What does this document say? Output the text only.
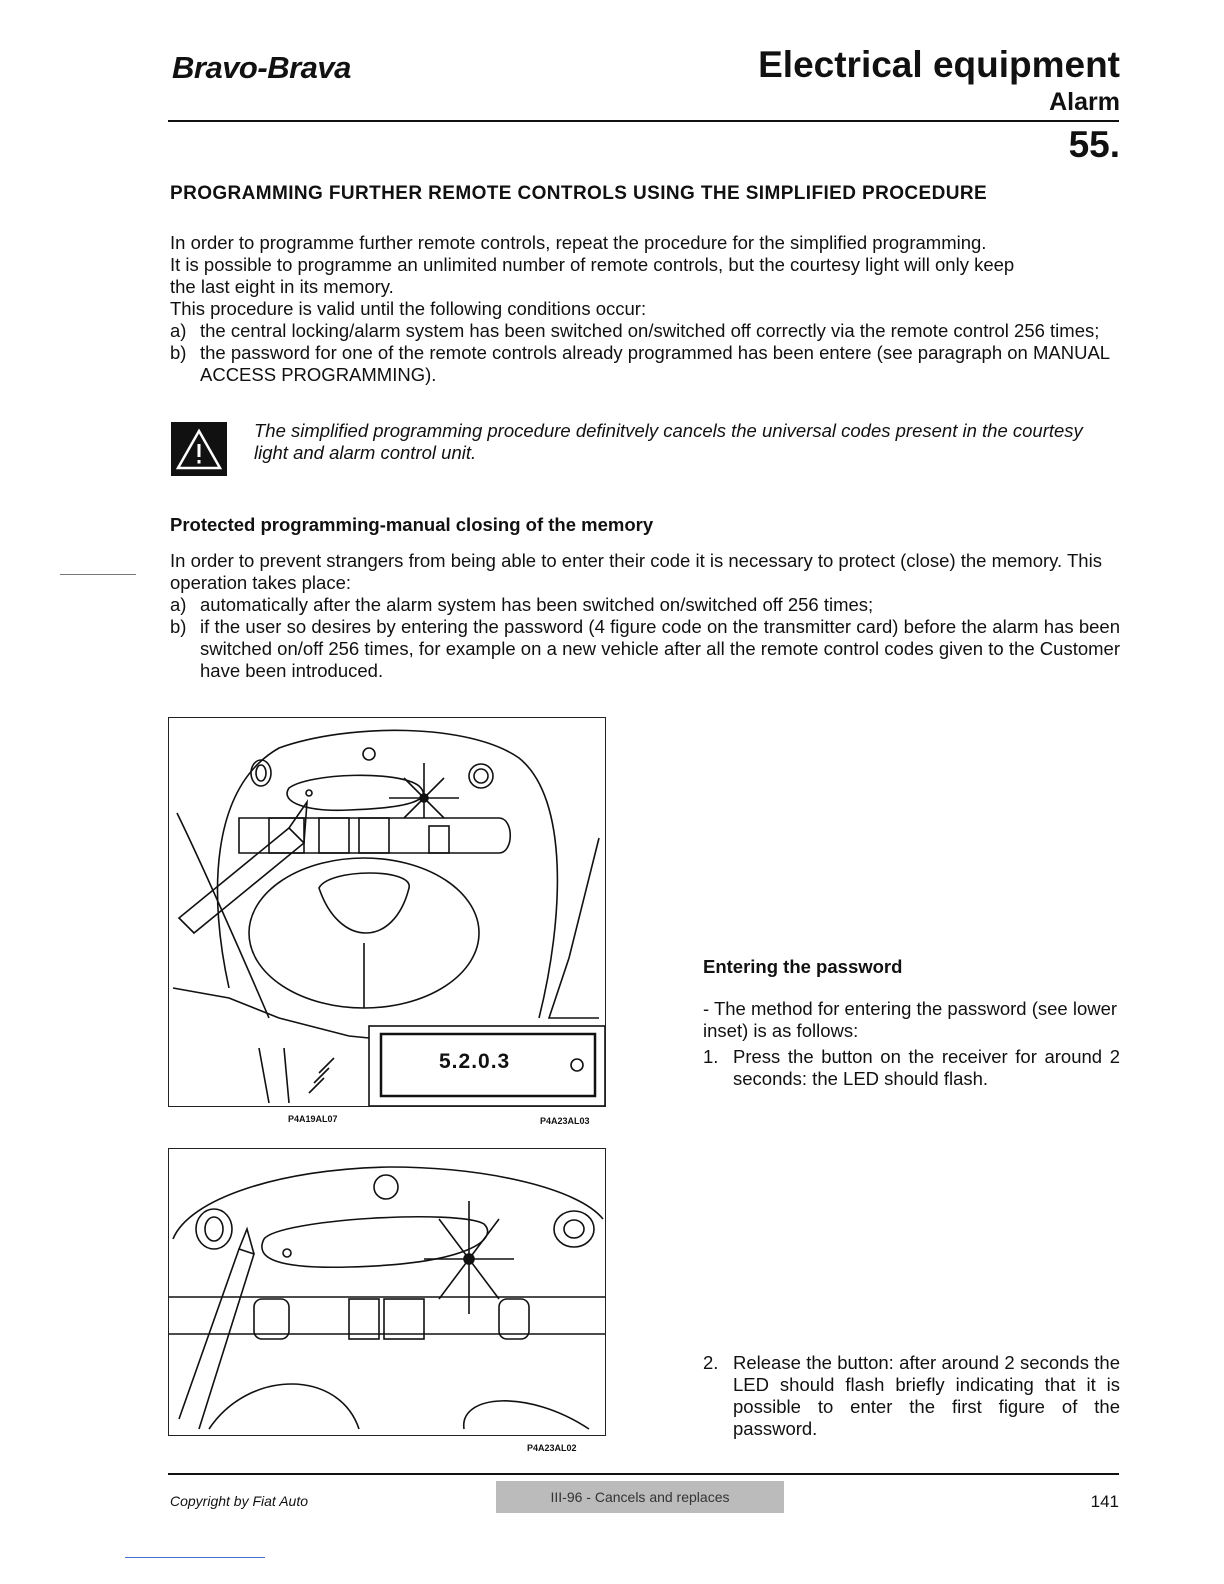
Bravo-Brava	Electrical equipment
Alarm
55.
PROGRAMMING FURTHER REMOTE CONTROLS USING THE SIMPLIFIED PROCEDURE
In order to programme further remote controls, repeat the procedure for the simplified programming.
It is possible to programme an unlimited number of remote controls, but the courtesy light will only keep
the last eight in its memory.
This procedure is valid until the following conditions occur:
a) the central locking/alarm system has been switched on/switched off correctly via the remote control 256 times;
b) the password for one of the remote controls already programmed has been entere (see paragraph on MANUAL ACCESS PROGRAMMING).
The simplified programming procedure definitvely cancels the universal codes present in the courtesy light and alarm control unit.
Protected programming-manual closing of the memory
In order to prevent strangers from being able to enter their code it is necessary to protect (close) the memory. This operation takes place:
a) automatically after the alarm system has been switched on/switched off 256 times;
b) if the user so desires by entering the password (4 figure code on the transmitter card) before the alarm has been switched on/off 256 times, for example on a new vehicle after all the remote control codes given to the Customer have been introduced.
5.2.0.3
P4A19AL07	P4A23AL03
P4A23AL02
Entering the password
- The method for entering the password (see lower inset) is as follows:
1. Press the button on the receiver for around 2 seconds: the LED should flash.
2. Release the button: after around 2 seconds the LED should flash briefly indicating that it is possible to enter the first figure of the password.
Copyright by Fiat Auto	III-96 - Cancels and replaces	141
